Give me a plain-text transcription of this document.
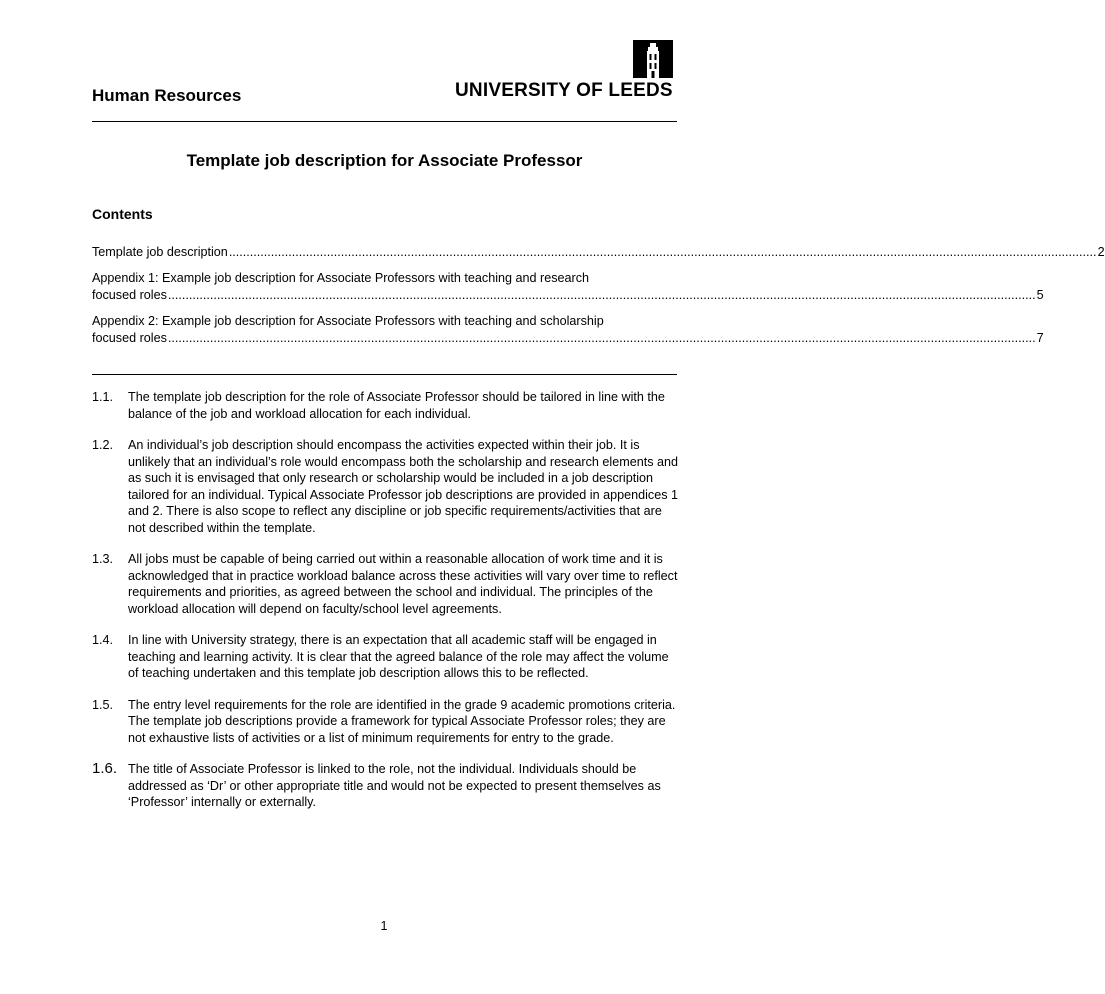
Human Resources	UNIVERSITY OF LEEDS
Template job description for Associate Professor
Contents
Template job description .....	2
Appendix 1: Example job description for Associate Professors with teaching and research
focused roles .....	5
Appendix 2: Example job description for Associate Professors with teaching and scholarship
focused roles .....	7
1.1.	The template job description for the role of Associate Professor should be tailored in line with the balance of the job and workload allocation for each individual.
1.2.	An individual’s job description should encompass the activities expected within their job. It is unlikely that an individual’s role would encompass both the scholarship and research elements and as such it is envisaged that only research or scholarship would be included in a job description tailored for an individual. Typical Associate Professor job descriptions are provided in appendices 1 and 2. There is also scope to reflect any discipline or job specific requirements/activities that are not described within the template.
1.3.	All jobs must be capable of being carried out within a reasonable allocation of work time and it is acknowledged that in practice workload balance across these activities will vary over time to reflect requirements and priorities, as agreed between the school and individual. The principles of the workload allocation will depend on faculty/school level agreements.
1.4.	In line with University strategy, there is an expectation that all academic staff will be engaged in teaching and learning activity. It is clear that the agreed balance of the role may affect the volume of teaching undertaken and this template job description allows this to be reflected.
1.5.	The entry level requirements for the role are identified in the grade 9 academic promotions criteria. The template job descriptions provide a framework for typical Associate Professor roles; they are not exhaustive lists of activities or a list of minimum requirements for entry to the grade.
1.6. The title of Associate Professor is linked to the role, not the individual. Individuals should be addressed as ‘Dr’ or other appropriate title and would not be expected to present themselves as ‘Professor’ internally or externally.
1
